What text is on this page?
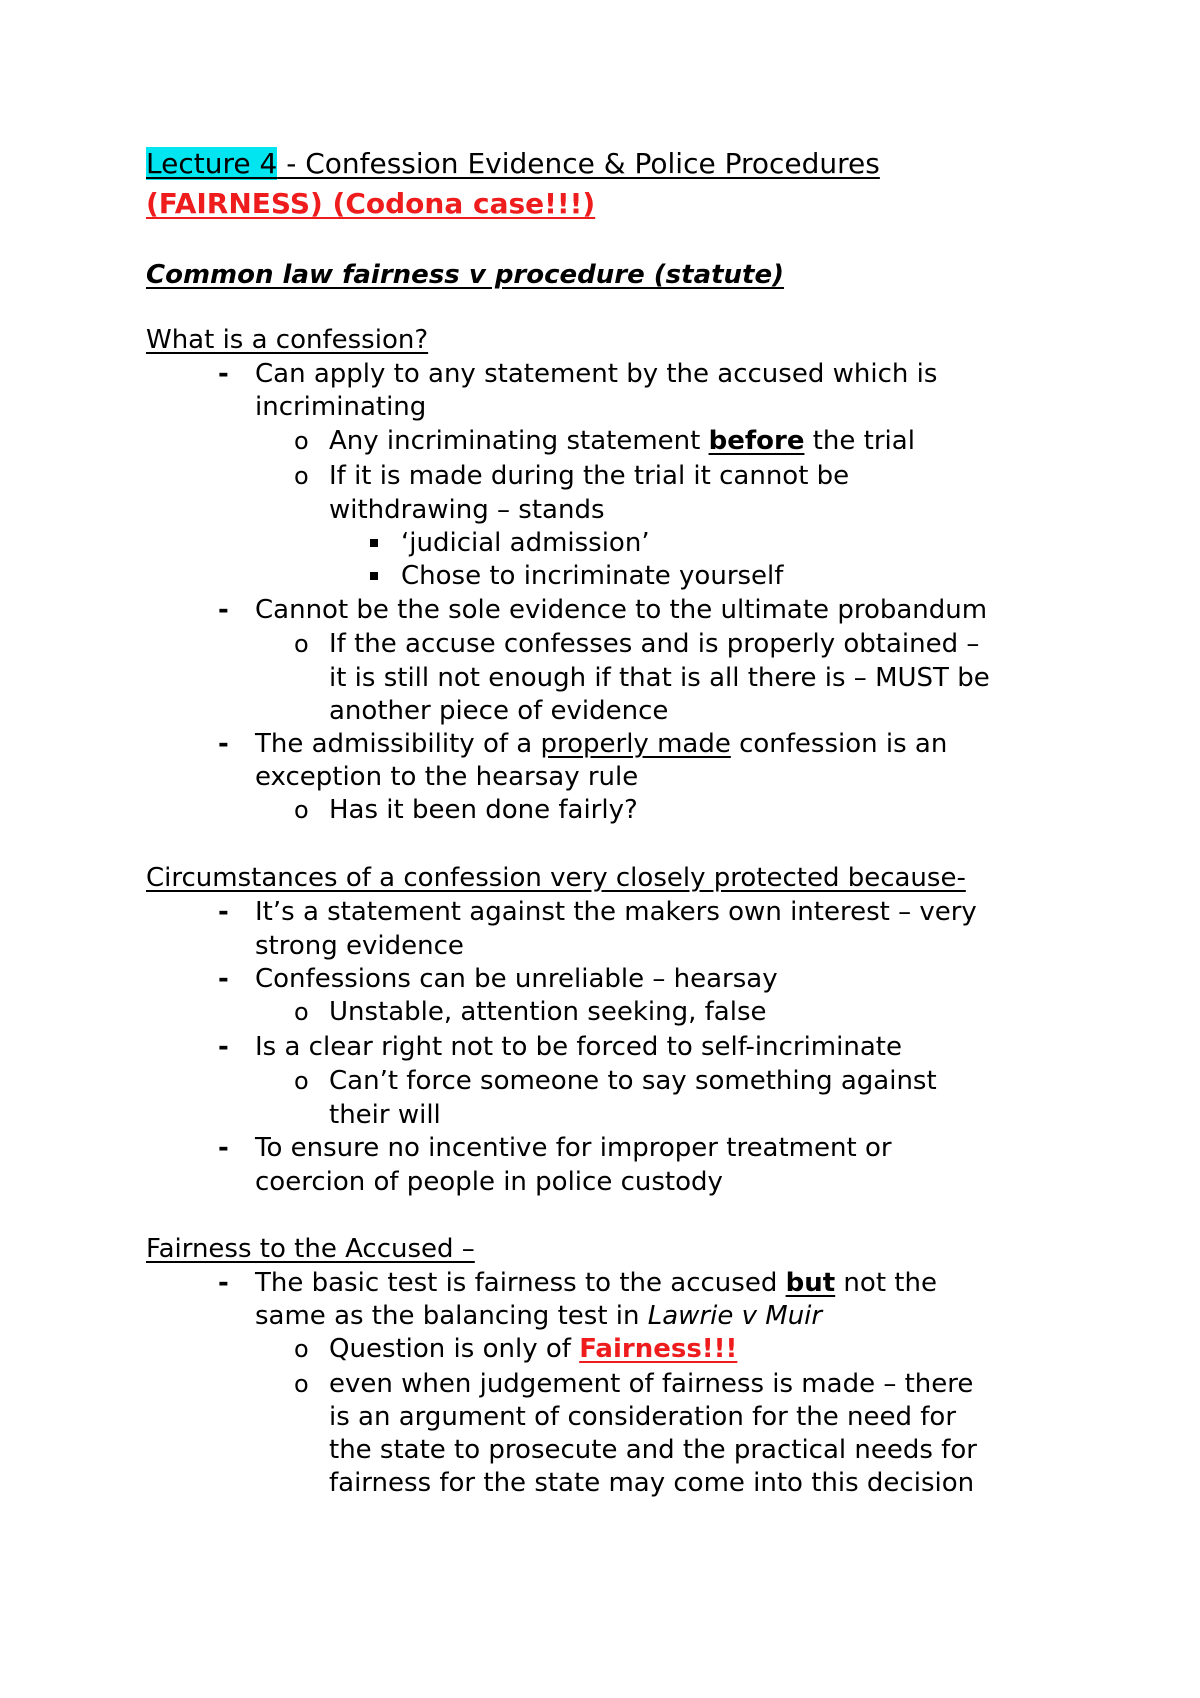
Lecture 4 - Confession Evidence & Police Procedures
(FAIRNESS) (Codona case!!!)
Common law fairness v procedure (statute)
What is a confession?
- Can apply to any statement by the accused which is
incriminating
o Any incriminating statement before the trial
o If it is made during the trial it cannot be
withdrawing – stands
‘judicial admission’
Chose to incriminate yourself
- Cannot be the sole evidence to the ultimate probandum
o If the accuse confesses and is properly obtained –
it is still not enough if that is all there is – MUST be
another piece of evidence
- The admissibility of a properly made confession is an
exception to the hearsay rule
o Has it been done fairly?
Circumstances of a confession very closely protected because-
- It’s a statement against the makers own interest – very
strong evidence
- Confessions can be unreliable – hearsay
o Unstable, attention seeking, false
- Is a clear right not to be forced to self-incriminate
o Can’t force someone to say something against
their will
- To ensure no incentive for improper treatment or
coercion of people in police custody
Fairness to the Accused –
- The basic test is fairness to the accused but not the
same as the balancing test in Lawrie v Muir
o Question is only of Fairness!!!
o even when judgement of fairness is made – there
is an argument of consideration for the need for
the state to prosecute and the practical needs for
fairness for the state may come into this decision
